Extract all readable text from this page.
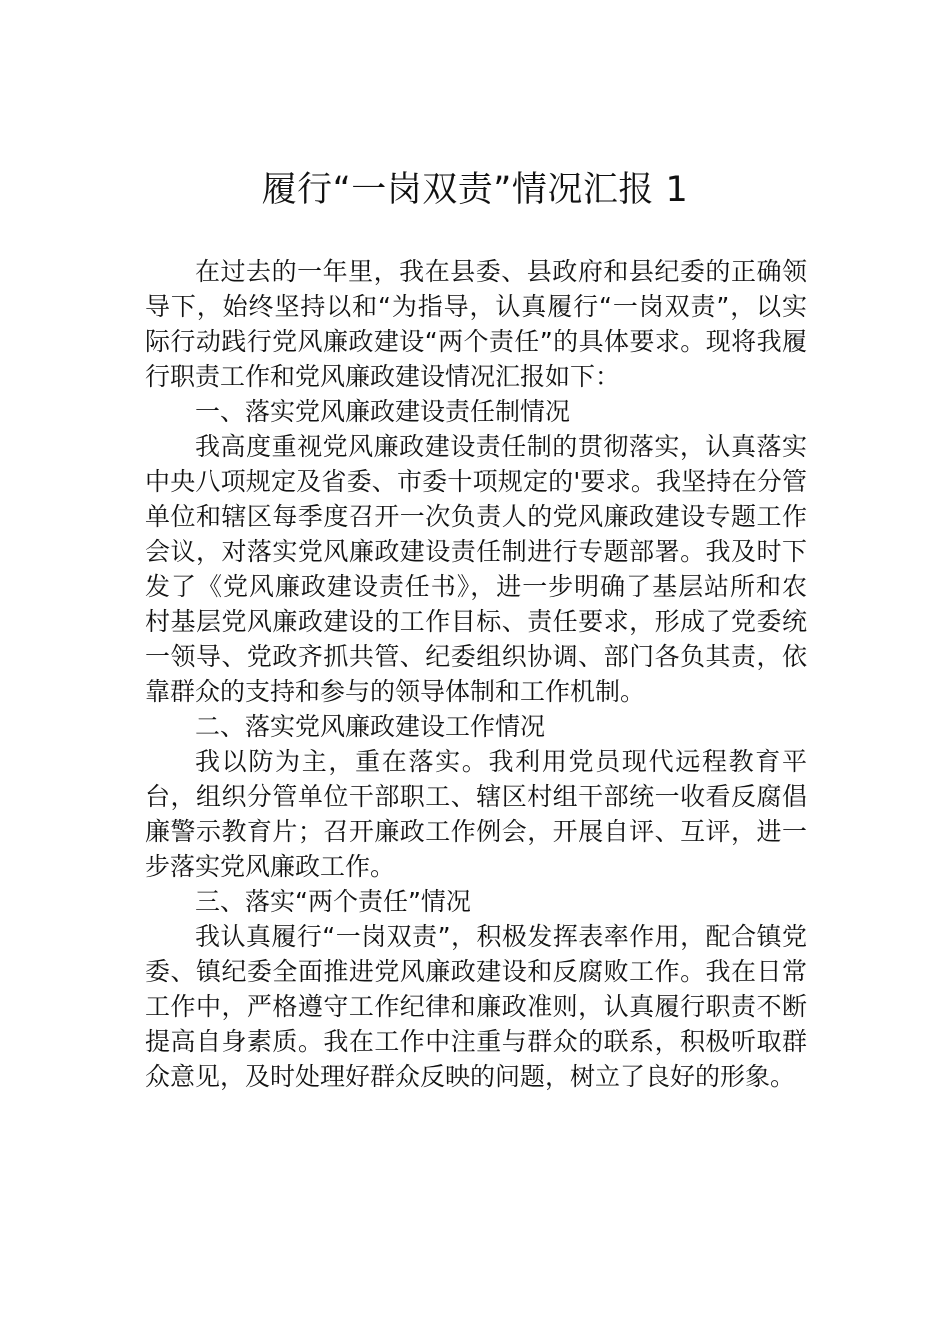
履行“一岗双责”情况汇报 1

在过去的一年里，我在县委、县政府和县纪委的正确领导下，始终坚持以和“为指导，认真履行“一岗双责”，以实际行动践行党风廉政建设“两个责任”的具体要求。现将我履行职责工作和党风廉政建设情况汇报如下：

一、落实党风廉政建设责任制情况

我高度重视党风廉政建设责任制的贯彻落实，认真落实中央八项规定及省委、市委十项规定的'要求。我坚持在分管单位和辖区每季度召开一次负责人的党风廉政建设专题工作会议，对落实党风廉政建设责任制进行专题部署。我及时下发了《党风廉政建设责任书》，进一步明确了基层站所和农村基层党风廉政建设的工作目标、责任要求，形成了党委统一领导、党政齐抓共管、纪委组织协调、部门各负其责，依靠群众的支持和参与的领导体制和工作机制。

二、落实党风廉政建设工作情况

我以防为主，重在落实。我利用党员现代远程教育平台，组织分管单位干部职工、辖区村组干部统一收看反腐倡廉警示教育片；召开廉政工作例会，开展自评、互评，进一步落实党风廉政工作。

三、落实“两个责任”情况

我认真履行“一岗双责”，积极发挥表率作用，配合镇党委、镇纪委全面推进党风廉政建设和反腐败工作。我在日常工作中，严格遵守工作纪律和廉政准则，认真履行职责不断提高自身素质。我在工作中注重与群众的联系，积极听取群众意见，及时处理好群众反映的问题，树立了良好的形象。
